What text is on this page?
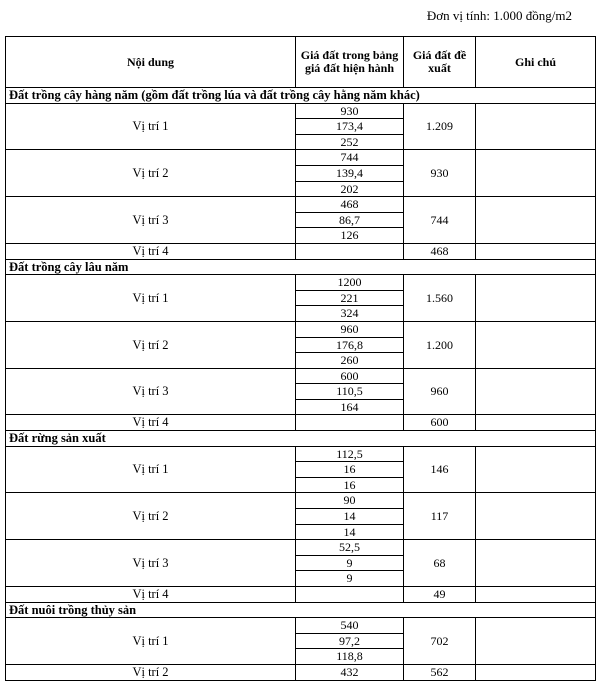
Đơn vị tính: 1.000 đồng/m2
Nội dung	Giá đất trong bảng giá đất hiện hành	Giá đất đề xuất	Ghi chú
Đất trồng cây hàng năm (gồm đất trồng lúa và đất trồng cây hằng năm khác)			
Vị trí 1	930	1.209	
	173,4		
	252		
Vị trí 2	744	930	
	139,4		
	202		
Vị trí 3	468	744	
	86,7		
	126		
Vị trí 4		468	
Đất trồng cây lâu năm			
Vị trí 1	1200	1.560	
	221		
	324		
Vị trí 2	960	1.200	
	176,8		
	260		
Vị trí 3	600	960	
	110,5		
	164		
Vị trí 4		600	
Đất rừng sản xuất			
Vị trí 1	112,5	146	
	16		
	16		
Vị trí 2	90	117	
	14		
	14		
Vị trí 3	52,5	68	
	9		
	9		
Vị trí 4		49	
Đất nuôi trồng thủy sản			
Vị trí 1	540	702	
	97,2		
	118,8		
Vị trí 2	432	562	
